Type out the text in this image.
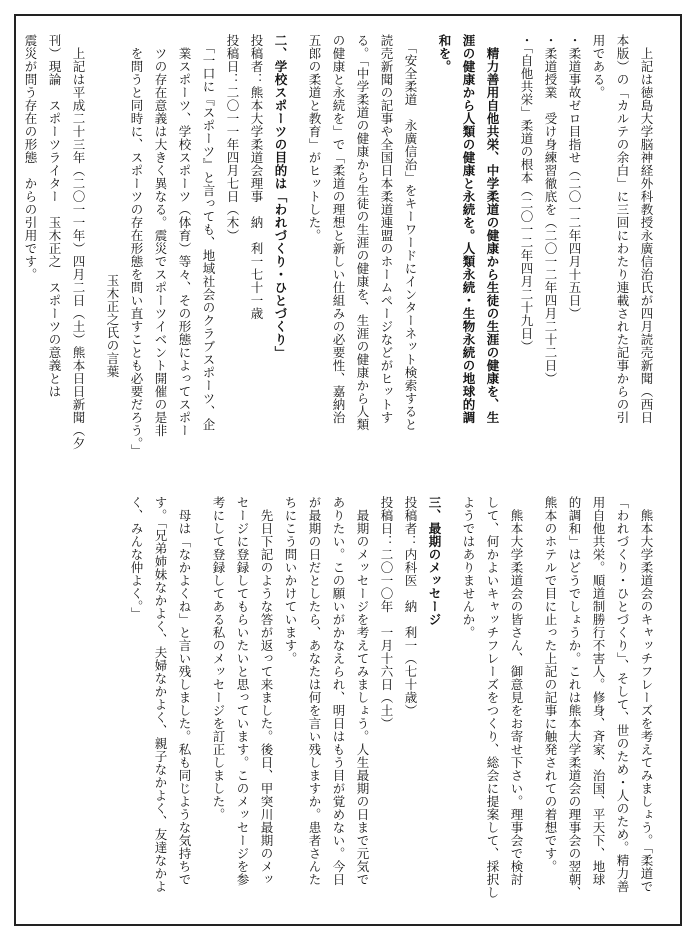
　上記は徳島大学脳神経外科教授永廣信治氏が四月読売新聞（西日
本版）の「カルテの余白」に三回にわたり連載された記事からの引
用である。
・柔道事故ゼロ目指せ（二〇一二年四月十五日）
・柔道授業　受け身練習徹底を（二〇一二年四月二十二日）
・「自他共栄」柔道の根本（二〇一二年四月二十九日）
　精力善用自他共栄、中学柔道の健康から生徒の生涯の健康を、生
涯の健康から人類の健康と永続を。人類永続・生物永続の地球的調
和を。
　「安全柔道　永廣信治」をキーワードにインターネット検索すると
読売新聞の記事や全国日本柔道連盟のホームページなどがヒットす
る。「中学柔道の健康から生徒の生涯の健康を、生涯の健康から人類
の健康と永続を」で「柔道の理想と新しい仕組みの必要性、嘉納治
五郎の柔道と教育」がヒットした。
二、学校スポーツの目的は「われづくり・ひとづくり」
投稿者：熊本大学柔道会理事　納　利一七十一歳
投稿日：二〇一一年四月七日（木）
　「一口に『スポーツ』と言っても、地域社会のクラブスポーツ、企
業スポーツ、学校スポーツ（体育）等々、その形態によってスポー
ツの存在意義は大きく異なる。震災でスポーツイベント開催の是非
を問うと同時に、スポーツの存在形態を問い直すことも必要だろう。」
玉木正之氏の言葉
　上記は平成二十三年（二〇一一年）四月二日（土）熊本日日新聞（夕
刊）現論　スポーツライター　玉木正之　スポーツの意義とは
震災が問う存在の形態　からの引用です。
　熊本大学柔道会のキャッチフレーズを考えてみましょう。「柔道で
「われづくり・ひとづくり」、そして、世のため・人のため。精力善
用自他共栄。順道制勝行不害人。修身、斉家、治国、平天下、地球
的調和」はどうでしょうか。これは熊本大学柔道会の理事会の翌朝、
熊本のホテルで目に止った上記の記事に触発されての着想です。
　熊本大学柔道会の皆さん、御意見をお寄せ下さい。理事会で検討
して、何かよいキャッチフレーズをつくり、総会に提案して、採択し
ようではありませんか。
三、最期のメッセージ
投稿者：内科医　納　利一（七十歳）
投稿日：二〇一〇年　一月十六日（土）
　最期のメッセージを考えてみましょう。人生最期の日まで元気で
ありたい。この願いがかなえられ、明日はもう目が覚めない。今日
が最期の日だとしたら、あなたは何を言い残しますか。患者さんた
ちにこう問いかけています。
　先日下記のような答が返って来ました。後日、甲突川最期のメッ
セージに登録してもらいたいと思っています。このメッセージを参
考にして登録してある私のメッセージを訂正しました。
　母は「なかよくね」と言い残しました。私も同じような気持ちで
す。「兄弟姉妹なかよく、夫婦なかよく、親子なかよく、友達なかよ
く、みんな仲よく。」
